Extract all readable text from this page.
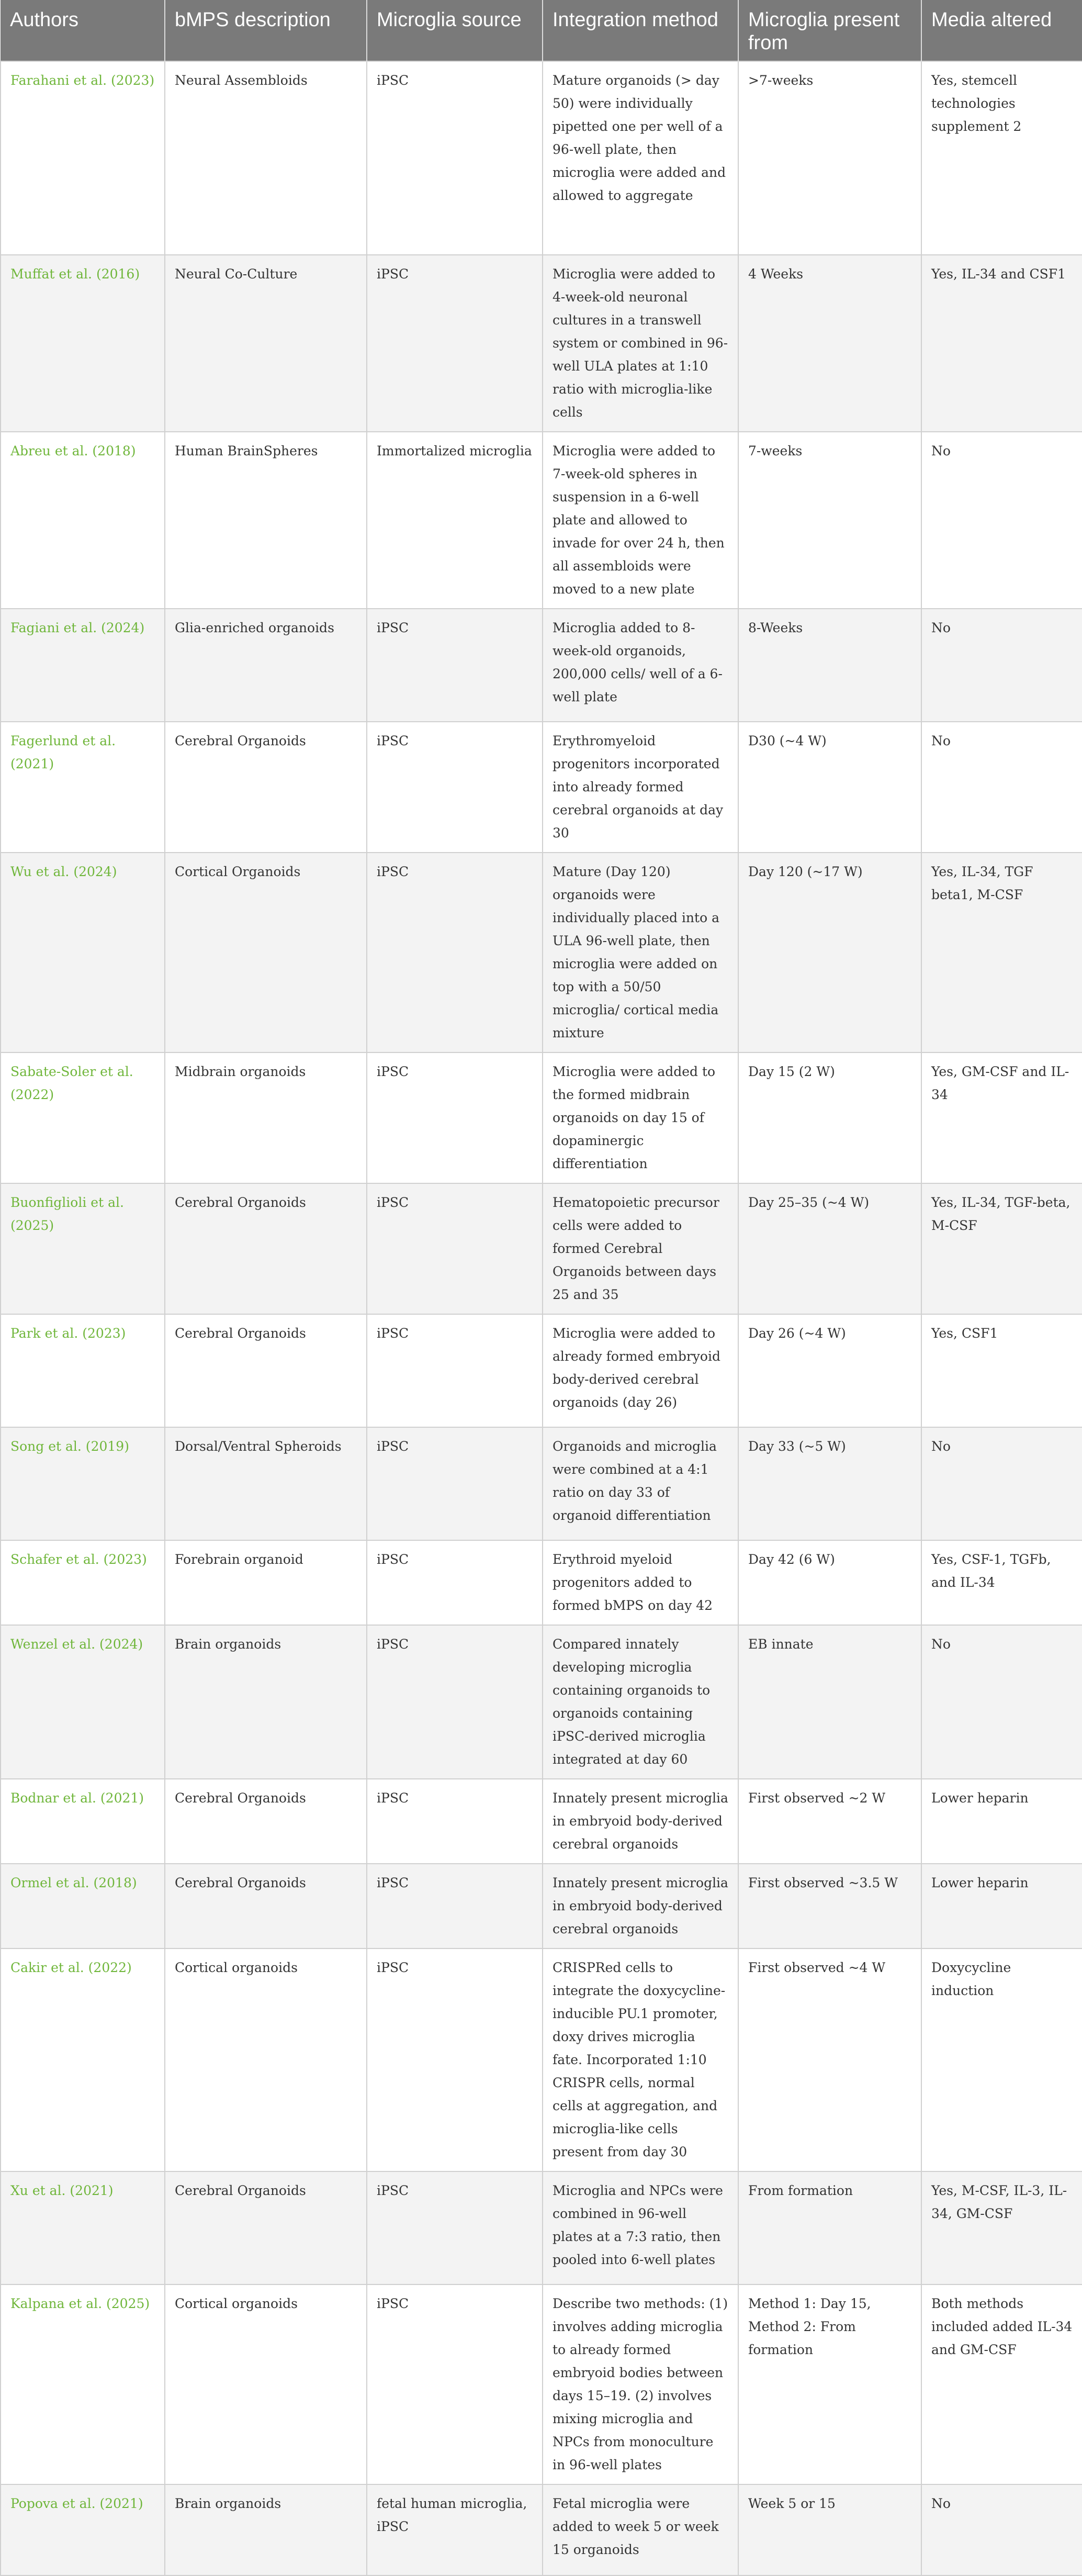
Authors	bMPS description	Microglia source	Integration method	Microglia present from	Media altered
Farahani et al. (2023)	Neural Assembloids	iPSC	Mature organoids (> day 50) were individually pipetted one per well of a 96-well plate, then microglia were added and allowed to aggregate	>7-weeks	Yes, stemcell technologies supplement 2
Muffat et al. (2016)	Neural Co-Culture	iPSC	Microglia were added to 4-week-old neuronal cultures in a transwell system or combined in 96-well ULA plates at 1:10 ratio with microglia-like cells	4 Weeks	Yes, IL-34 and CSF1
Abreu et al. (2018)	Human BrainSpheres	Immortalized microglia	Microglia were added to 7-week-old spheres in suspension in a 6-well plate and allowed to invade for over 24 h, then all assembloids were moved to a new plate	7-weeks	No
Fagiani et al. (2024)	Glia-enriched organoids	iPSC	Microglia added to 8-week-old organoids, 200,000 cells/ well of a 6-well plate	8-Weeks	No
Fagerlund et al. (2021)	Cerebral Organoids	iPSC	Erythromyeloid progenitors incorporated into already formed cerebral organoids at day 30	D30 (~4 W)	No
Wu et al. (2024)	Cortical Organoids	iPSC	Mature (Day 120) organoids were individually placed into a ULA 96-well plate, then microglia were added on top with a 50/50 microglia/ cortical media mixture	Day 120 (~17 W)	Yes, IL-34, TGF beta1, M-CSF
Sabate-Soler et al. (2022)	Midbrain organoids	iPSC	Microglia were added to the formed midbrain organoids on day 15 of dopaminergic differentiation	Day 15 (2 W)	Yes, GM-CSF and IL-34
Buonfiglioli et al. (2025)	Cerebral Organoids	iPSC	Hematopoietic precursor cells were added to formed Cerebral Organoids between days 25 and 35	Day 25–35 (~4 W)	Yes, IL-34, TGF-beta, M-CSF
Park et al. (2023)	Cerebral Organoids	iPSC	Microglia were added to already formed embryoid body-derived cerebral organoids (day 26)	Day 26 (~4 W)	Yes, CSF1
Song et al. (2019)	Dorsal/Ventral Spheroids	iPSC	Organoids and microglia were combined at a 4:1 ratio on day 33 of organoid differentiation	Day 33 (~5 W)	No
Schafer et al. (2023)	Forebrain organoid	iPSC	Erythroid myeloid progenitors added to formed bMPS on day 42	Day 42 (6 W)	Yes, CSF-1, TGFb, and IL-34
Wenzel et al. (2024)	Brain organoids	iPSC	Compared innately developing microglia containing organoids to organoids containing iPSC-derived microglia integrated at day 60	EB innate	No
Bodnar et al. (2021)	Cerebral Organoids	iPSC	Innately present microglia in embryoid body-derived cerebral organoids	First observed ~2 W	Lower heparin
Ormel et al. (2018)	Cerebral Organoids	iPSC	Innately present microglia in embryoid body-derived cerebral organoids	First observed ~3.5 W	Lower heparin
Cakir et al. (2022)	Cortical organoids	iPSC	CRISPRed cells to integrate the doxycycline-inducible PU.1 promoter, doxy drives microglia fate. Incorporated 1:10 CRISPR cells, normal cells at aggregation, and microglia-like cells present from day 30	First observed ~4 W	Doxycycline induction
Xu et al. (2021)	Cerebral Organoids	iPSC	Microglia and NPCs were combined in 96-well plates at a 7:3 ratio, then pooled into 6-well plates	From formation	Yes, M-CSF, IL-3, IL-34, GM-CSF
Kalpana et al. (2025)	Cortical organoids	iPSC	Describe two methods: (1) involves adding microglia to already formed embryoid bodies between days 15–19. (2) involves mixing microglia and NPCs from monoculture in 96-well plates	Method 1: Day 15, Method 2: From formation	Both methods included added IL-34 and GM-CSF
Popova et al. (2021)	Brain organoids	fetal human microglia, iPSC	Fetal microglia were added to week 5 or week 15 organoids	Week 5 or 15	No
